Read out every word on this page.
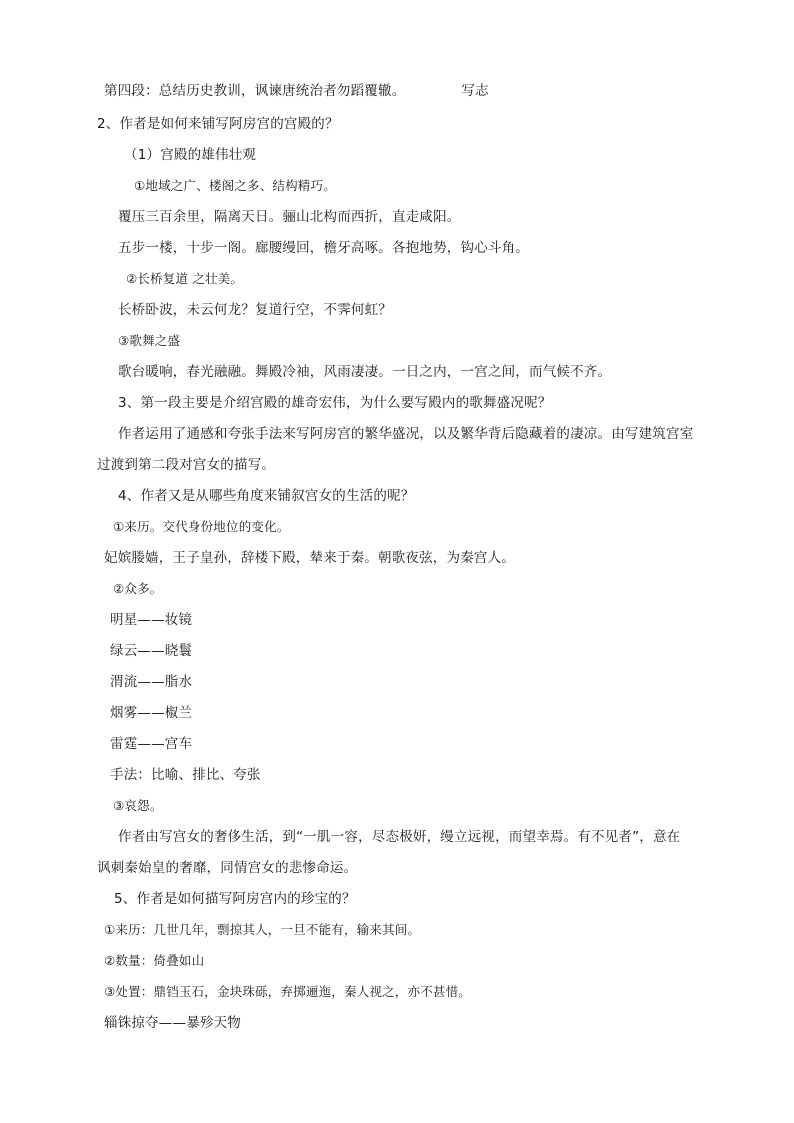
第四段：总结历史教训，讽谏唐统治者勿蹈覆辙。	写志
2、作者是如何来铺写阿房宫的宫殿的？
（1）宫殿的雄伟壮观
①地域之广、楼阁之多、结构精巧。
覆压三百余里，隔离天日。骊山北构而西折，直走咸阳。
五步一楼，十步一阁。廊腰缦回，檐牙高啄。各抱地势，钩心斗角。
②长桥复道 之壮美。
长桥卧波，未云何龙？复道行空，不霁何虹？
③歌舞之盛
歌台暖响，春光融融。舞殿冷袖，风雨凄凄。一日之内，一宫之间，而气候不齐。
3、第一段主要是介绍宫殿的雄奇宏伟，为什么要写殿内的歌舞盛况呢？
作者运用了通感和夸张手法来写阿房宫的繁华盛况，以及繁华背后隐藏着的凄凉。由写建筑宫室
过渡到第二段对宫女的描写。
4、作者又是从哪些角度来铺叙宫女的生活的呢？
①来历。交代身份地位的变化。
妃嫔媵嫱，王子皇孙，辞楼下殿，辇来于秦。朝歌夜弦，为秦宫人。
②众多。
明星——妆镜
绿云——晓鬟
渭流——脂水
烟雾——椒兰
雷霆——宫车
手法：比喻、排比、夸张
③哀怨。
作者由写宫女的奢侈生活，到“一肌一容，尽态极妍，缦立远视，而望幸焉。有不见者”，意在
讽刺秦始皇的奢靡，同情宫女的悲惨命运。
5、作者是如何描写阿房宫内的珍宝的？
①来历：几世几年，剽掠其人，一旦不能有，输来其间。
②数量：倚叠如山
③处置：鼎铛玉石，金块珠砾，弃掷逦迤，秦人视之，亦不甚惜。
辎铢掠夺——暴殄天物
